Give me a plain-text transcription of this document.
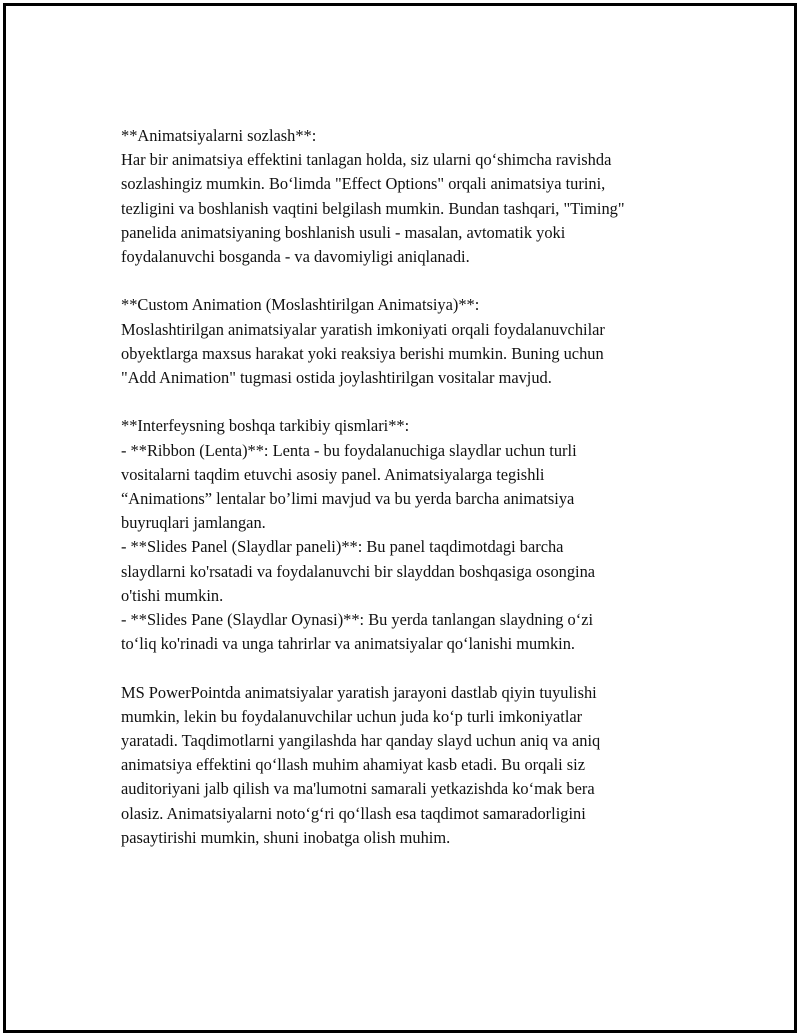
**Animatsiyalarni sozlash**:
Har bir animatsiya effektini tanlagan holda, siz ularni qo‘shimcha ravishda
sozlashingiz mumkin. Bo‘limda "Effect Options" orqali animatsiya turini,
tezligini va boshlanish vaqtini belgilash mumkin. Bundan tashqari, "Timing"
panelida animatsiyaning boshlanish usuli - masalan, avtomatik yoki
foydalanuvchi bosganda - va davomiyligi aniqlanadi.
**Custom Animation (Moslashtirilgan Animatsiya)**:
Moslashtirilgan animatsiyalar yaratish imkoniyati orqali foydalanuvchilar
obyektlarga maxsus harakat yoki reaksiya berishi mumkin. Buning uchun
"Add Animation" tugmasi ostida joylashtirilgan vositalar mavjud.
**Interfeysning boshqa tarkibiy qismlari**:
- **Ribbon (Lenta)**: Lenta - bu foydalanuchiga slaydlar uchun turli
vositalarni taqdim etuvchi asosiy panel. Animatsiyalarga tegishli
“Animations” lentalar bo’limi mavjud va bu yerda barcha animatsiya
buyruqlari jamlangan.
- **Slides Panel (Slaydlar paneli)**: Bu panel taqdimotdagi barcha
slaydlarni ko'rsatadi va foydalanuvchi bir slayddan boshqasiga osongina
o'tishi mumkin.
- **Slides Pane (Slaydlar Oynasi)**: Bu yerda tanlangan slaydning o‘zi
to‘liq ko'rinadi va unga tahrirlar va animatsiyalar qo‘lanishi mumkin.
MS PowerPointda animatsiyalar yaratish jarayoni dastlab qiyin tuyulishi
mumkin, lekin bu foydalanuvchilar uchun juda ko‘p turli imkoniyatlar
yaratadi. Taqdimotlarni yangilashda har qanday slayd uchun aniq va aniq
animatsiya effektini qo‘llash muhim ahamiyat kasb etadi. Bu orqali siz
auditoriyani jalb qilish va ma'lumotni samarali yetkazishda ko‘mak bera
olasiz. Animatsiyalarni noto‘g‘ri qo‘llash esa taqdimot samaradorligini
pasaytirishi mumkin, shuni inobatga olish muhim.
